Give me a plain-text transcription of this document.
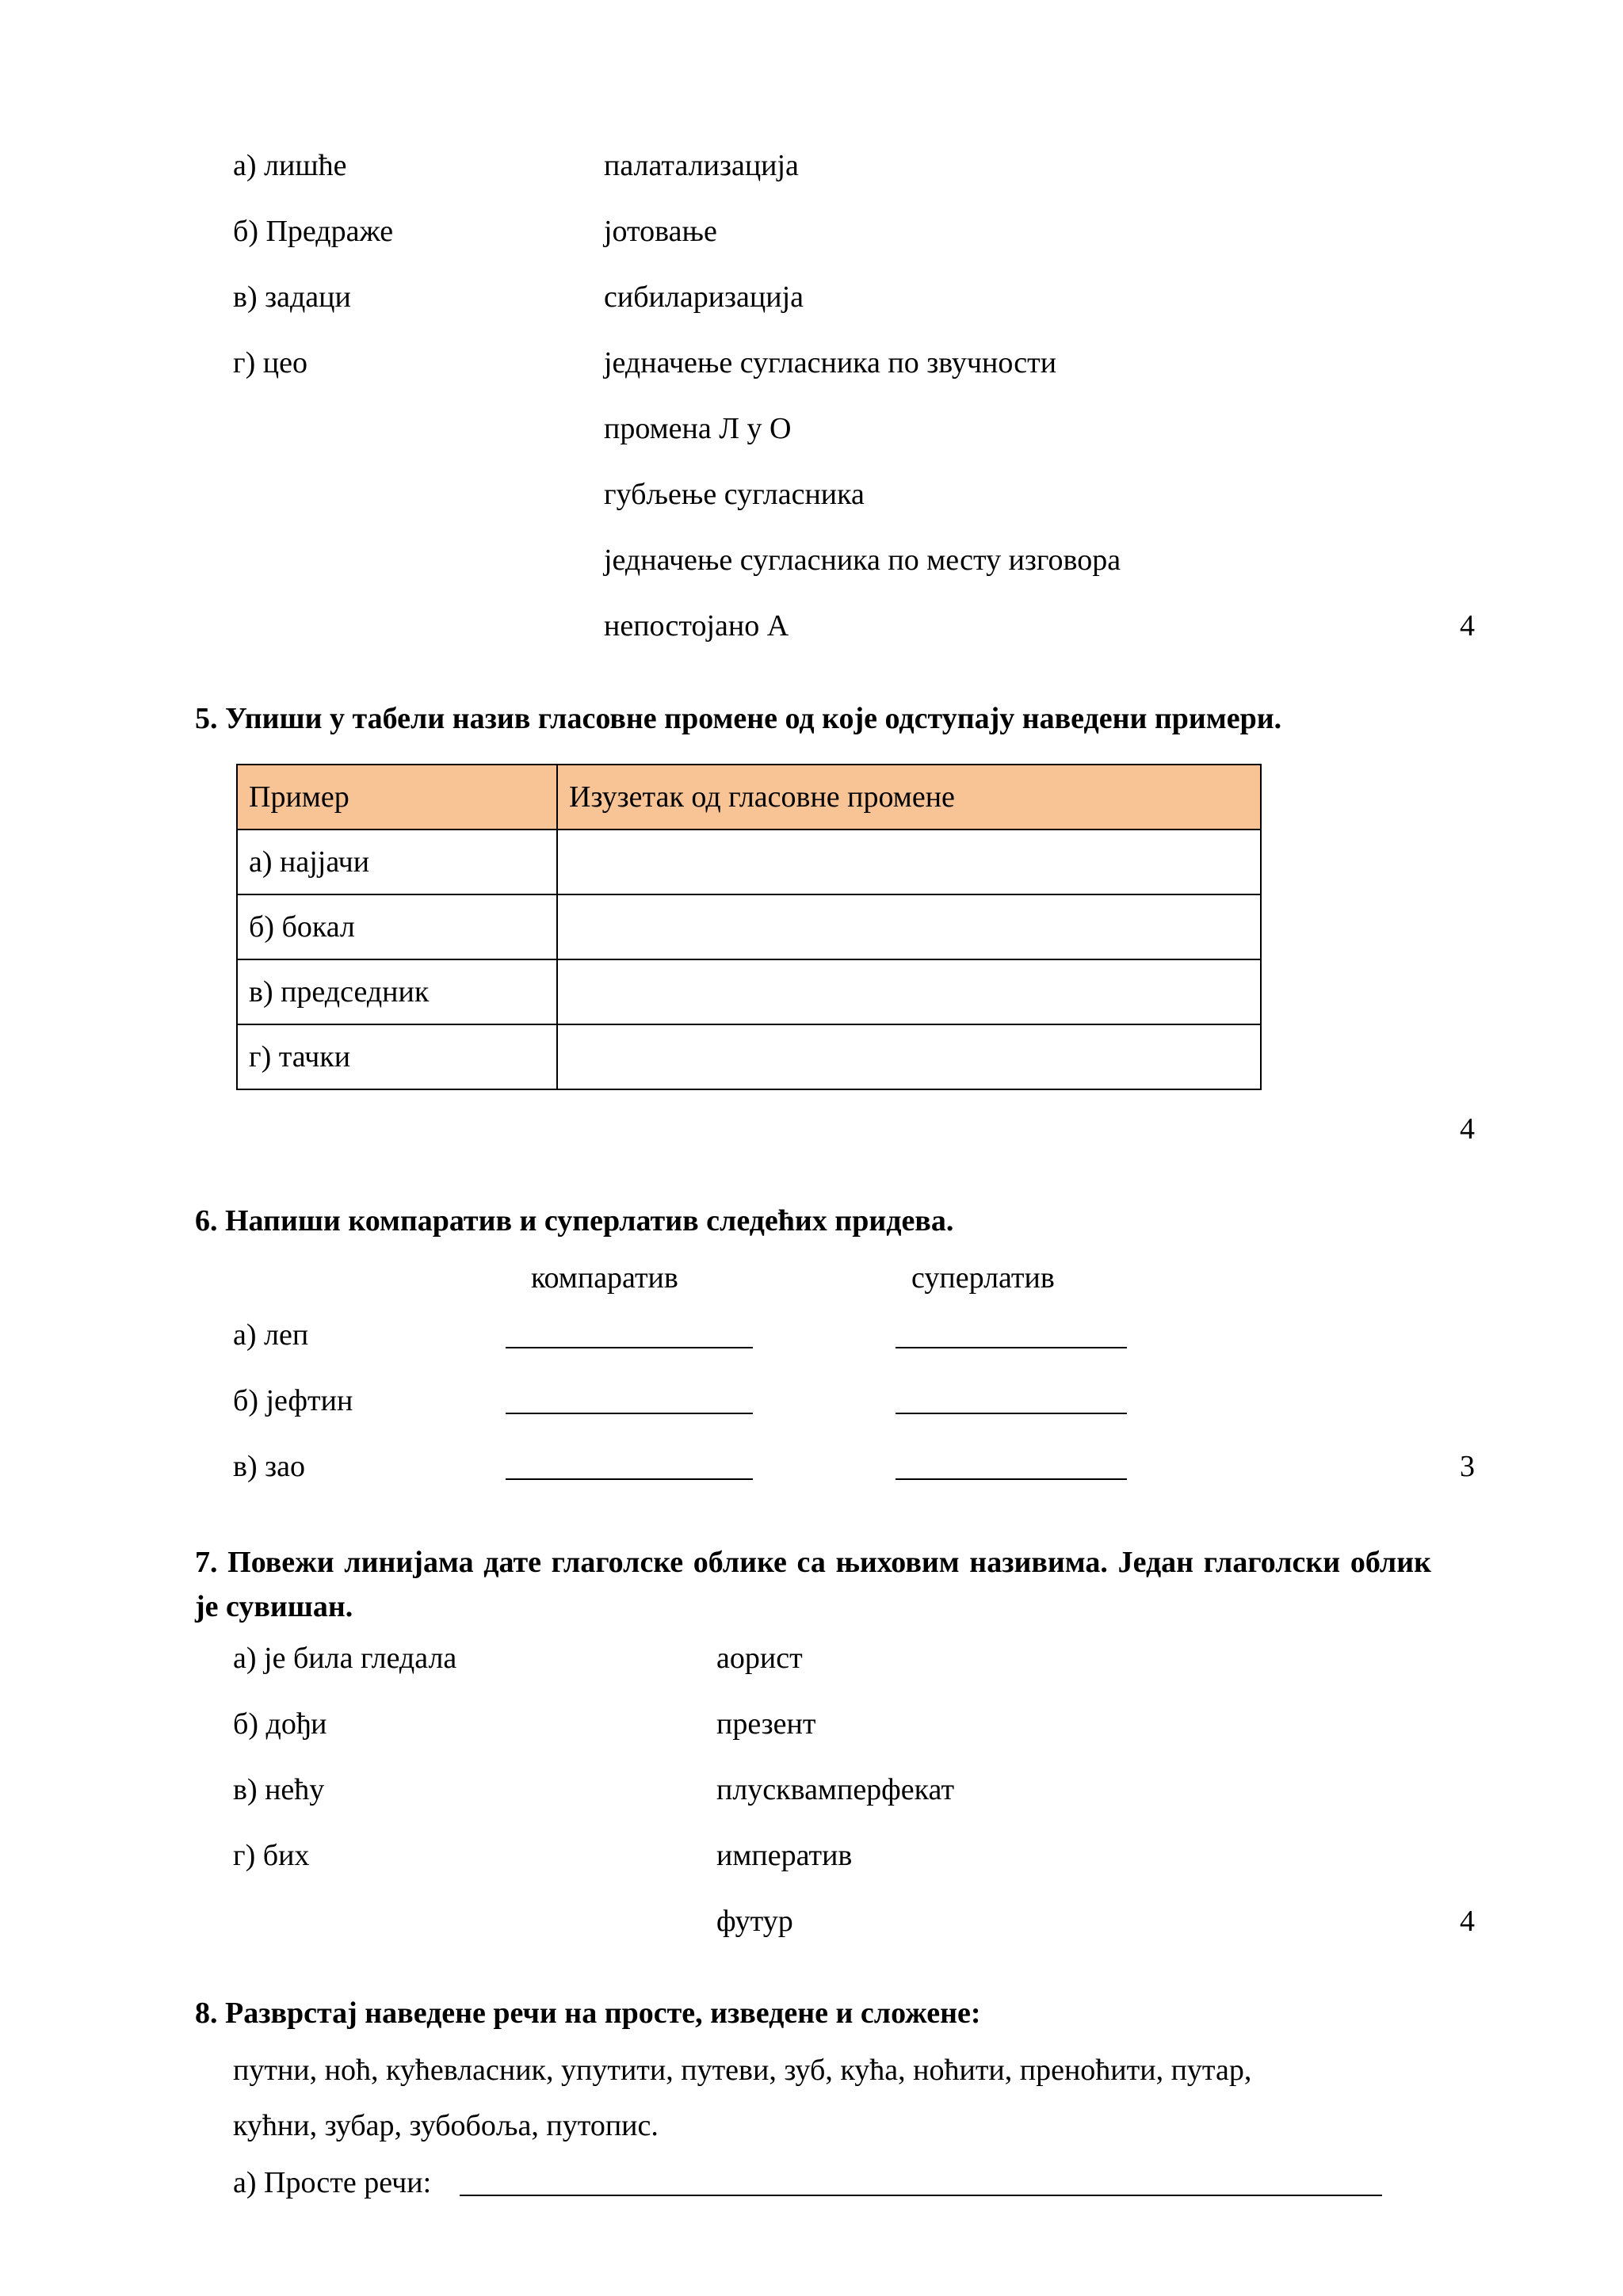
а) лишће
б) Предраже
в) задаци
г) цео
палатализација
јотовање
сибиларизација
једначење сугласника по звучности
промена Л у О
губљење сугласника
једначење сугласника по месту изговора
непостојано А	4
5. Упиши у табели назив гласовне промене од које одступају наведени примери.
Пример	Изузетак од гласовне промене
а) најјачи	
б) бокал	
в) председник	
г) тачки	
4
6. Напиши компаратив и суперлатив следећих придева.
компаратив	суперлатив
а) леп
б) јефтин
в) зао	3
7. Повежи линијама дате глаголске облике са њиховим називима. Један глаголски облик је сувишан.
а) је била гледала
б) дођи
в) нећу
г) бих
аорист
презент
плусквамперфекат
императив
футур	4
8. Разврстај наведене речи на просте, изведене и сложене:
путни, ноћ, кућевласник, упутити, путеви, зуб, кућа, ноћити, преноћити, путар,
кућни, зубар, зубобоља, путопис.
а) Просте речи:
